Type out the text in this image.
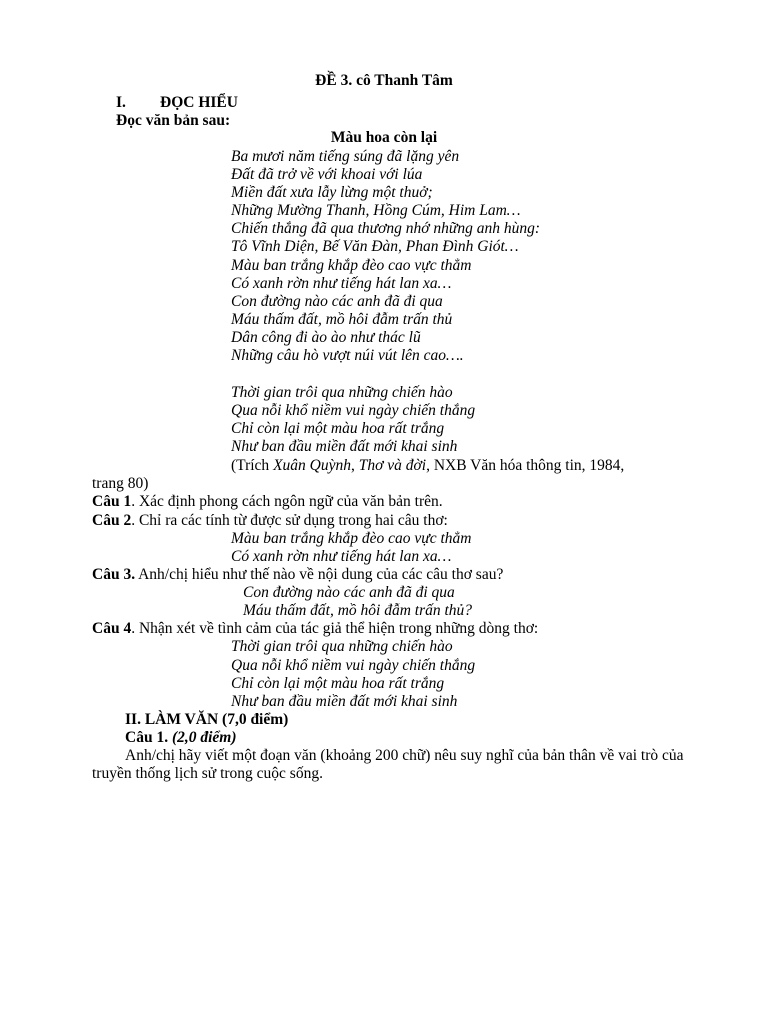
ĐỀ 3. cô Thanh Tâm
I. ĐỌC HIỂU
Đọc văn bản sau:
Màu hoa còn lại
Ba mươi năm tiếng súng đã lặng yên
Đất đã trở về với khoai với lúa
Miền đất xưa lẫy lừng một thuở;
Những Mường Thanh, Hồng Cúm, Him Lam…
Chiến thắng đã qua thương nhớ những anh hùng:
Tô Vĩnh Diện, Bế Văn Đàn, Phan Đình Giót…
Màu ban trắng khắp đèo cao vực thẳm
Có xanh rờn như tiếng hát lan xa…
Con đường nào các anh đã đi qua
Máu thấm đất, mồ hôi đẫm trấn thủ
Dân công đi ào ào như thác lũ
Những câu hò vượt núi vút lên cao….
Thời gian trôi qua những chiến hào
Qua nỗi khổ niềm vui ngày chiến thắng
Chỉ còn lại một màu hoa rất trắng
Như ban đầu miền đất mới khai sinh
(Trích Xuân Quỳnh, Thơ và đời, NXB Văn hóa thông tin, 1984,
trang 80)
Câu 1. Xác định phong cách ngôn ngữ của văn bản trên.
Câu 2. Chỉ ra các tính từ được sử dụng trong hai câu thơ:
Màu ban trắng khắp đèo cao vực thẳm
Có xanh rờn như tiếng hát lan xa…
Câu 3. Anh/chị hiểu như thế nào về nội dung của các câu thơ sau?
Con đường nào các anh đã đi qua
Máu thấm đất, mồ hôi đẫm trấn thủ?
Câu 4. Nhận xét về tình cảm của tác giả thể hiện trong những dòng thơ:
Thời gian trôi qua những chiến hào
Qua nỗi khổ niềm vui ngày chiến thắng
Chỉ còn lại một màu hoa rất trắng
Như ban đầu miền đất mới khai sinh
II. LÀM VĂN (7,0 điểm)
Câu 1. (2,0 điểm)
Anh/chị hãy viết một đoạn văn (khoảng 200 chữ) nêu suy nghĩ của bản thân về vai trò của truyền thống lịch sử trong cuộc sống.
